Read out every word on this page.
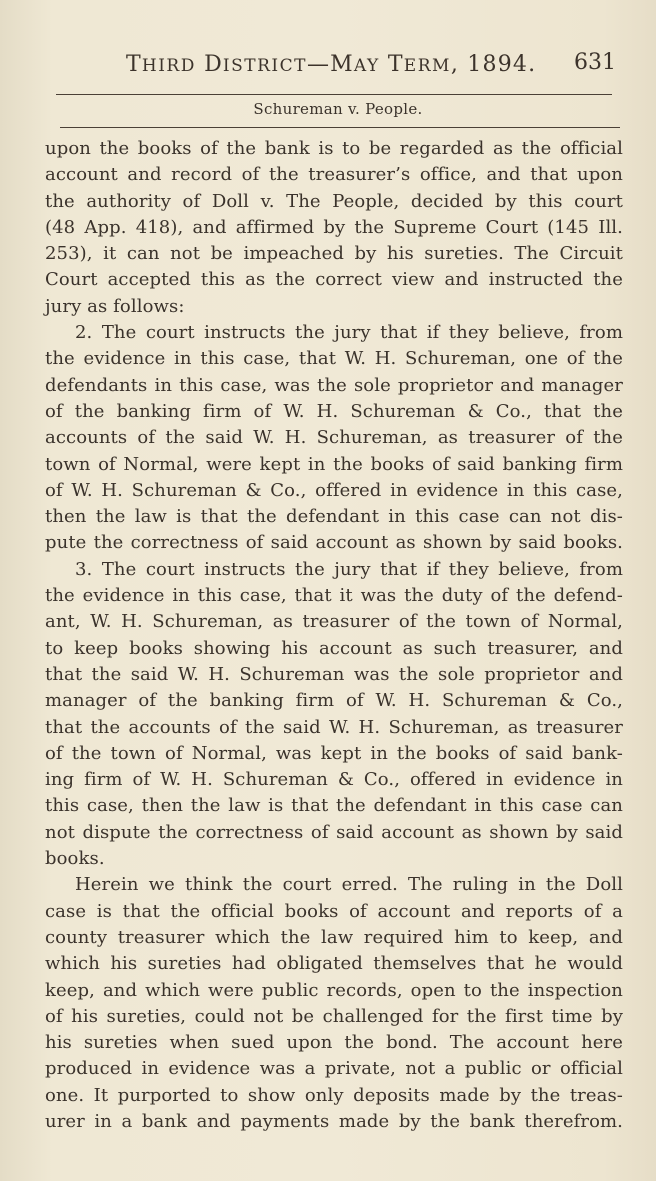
THIRD DISTRICT—MAY TERM, 1894. 631
Schureman v. People.
upon the books of the bank is to be regarded as the official
account and record of the treasurer’s office, and that upon
the authority of Doll v. The People, decided by this court
(48 App. 418), and affirmed by the Supreme Court (145 Ill.
253), it can not be impeached by his sureties. The Circuit
Court accepted this as the correct view and instructed the
jury as follows:
2. The court instructs the jury that if they believe, from
the evidence in this case, that W. H. Schureman, one of the
defendants in this case, was the sole proprietor and manager
of the banking firm of W. H. Schureman & Co., that the
accounts of the said W. H. Schureman, as treasurer of the
town of Normal, were kept in the books of said banking firm
of W. H. Schureman & Co., offered in evidence in this case,
then the law is that the defendant in this case can not dis-
pute the correctness of said account as shown by said books.
3. The court instructs the jury that if they believe, from
the evidence in this case, that it was the duty of the defend-
ant, W. H. Schureman, as treasurer of the town of Normal,
to keep books showing his account as such treasurer, and
that the said W. H. Schureman was the sole proprietor and
manager of the banking firm of W. H. Schureman & Co.,
that the accounts of the said W. H. Schureman, as treasurer
of the town of Normal, was kept in the books of said bank-
ing firm of W. H. Schureman & Co., offered in evidence in
this case, then the law is that the defendant in this case can
not dispute the correctness of said account as shown by said
books.
Herein we think the court erred. The ruling in the Doll
case is that the official books of account and reports of a
county treasurer which the law required him to keep, and
which his sureties had obligated themselves that he would
keep, and which were public records, open to the inspection
of his sureties, could not be challenged for the first time by
his sureties when sued upon the bond. The account here
produced in evidence was a private, not a public or official
one. It purported to show only deposits made by the treas-
urer in a bank and payments made by the bank therefrom.
